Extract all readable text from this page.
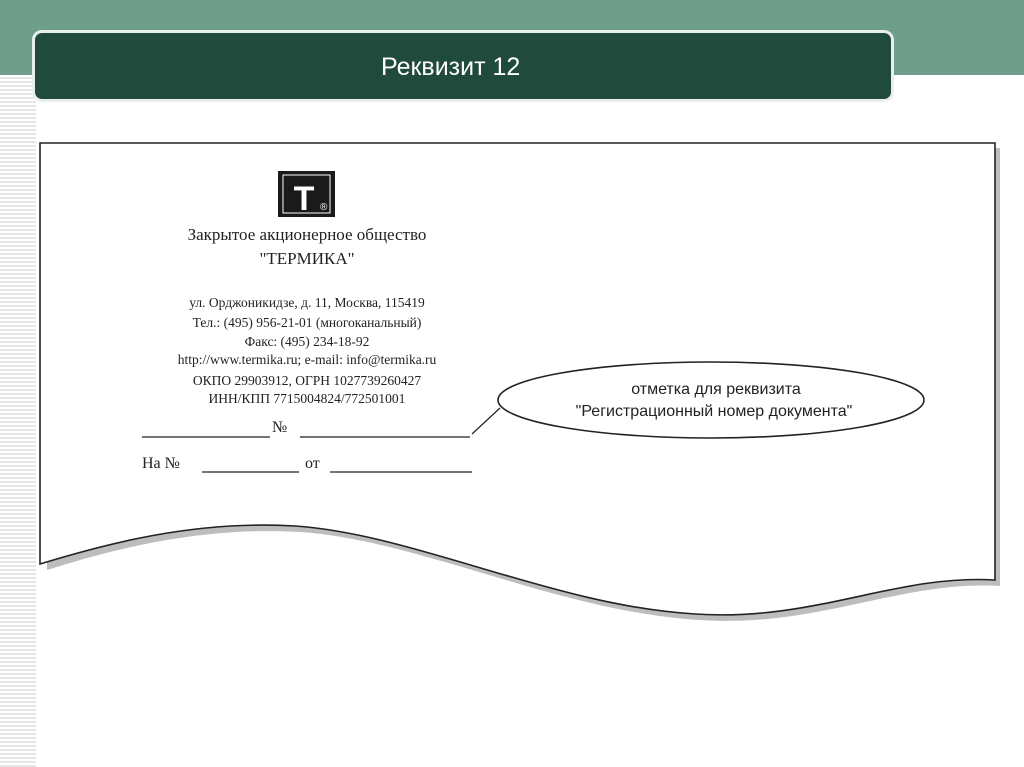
Реквизит 12
Т ®
Закрытое акционерное общество
"ТЕРМИКА"
ул. Орджоникидзе, д. 11, Москва, 115419
Тел.: (495) 956-21-01 (многоканальный)
Факс: (495) 234-18-92
http://www.termika.ru; e-mail: info@termika.ru
ОКПО 29903912, ОГРН 1027739260427
ИНН/КПП 7715004824/772501001
№
На №	от
отметка для реквизита
"Регистрационный номер документа"
